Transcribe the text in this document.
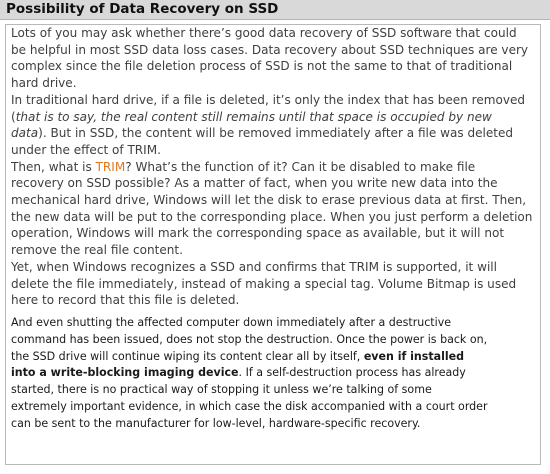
Possibility of Data Recovery on SSD
Lots of you may ask whether there’s good data recovery of SSD software that could
be helpful in most SSD data loss cases. Data recovery about SSD techniques are very
complex since the file deletion process of SSD is not the same to that of traditional
hard drive.
In traditional hard drive, if a file is deleted, it’s only the index that has been removed
(that is to say, the real content still remains until that space is occupied by new
data). But in SSD, the content will be removed immediately after a file was deleted
under the effect of TRIM.
Then, what is TRIM? What’s the function of it? Can it be disabled to make file
recovery on SSD possible? As a matter of fact, when you write new data into the
mechanical hard drive, Windows will let the disk to erase previous data at first. Then,
the new data will be put to the corresponding place. When you just perform a deletion
operation, Windows will mark the corresponding space as available, but it will not
remove the real file content.
Yet, when Windows recognizes a SSD and confirms that TRIM is supported, it will
delete the file immediately, instead of making a special tag. Volume Bitmap is used
here to record that this file is deleted.
And even shutting the affected computer down immediately after a destructive
command has been issued, does not stop the destruction. Once the power is back on,
the SSD drive will continue wiping its content clear all by itself, even if installed
into a write-blocking imaging device. If a self-destruction process has already
started, there is no practical way of stopping it unless we’re talking of some
extremely important evidence, in which case the disk accompanied with a court order
can be sent to the manufacturer for low-level, hardware-specific recovery.
